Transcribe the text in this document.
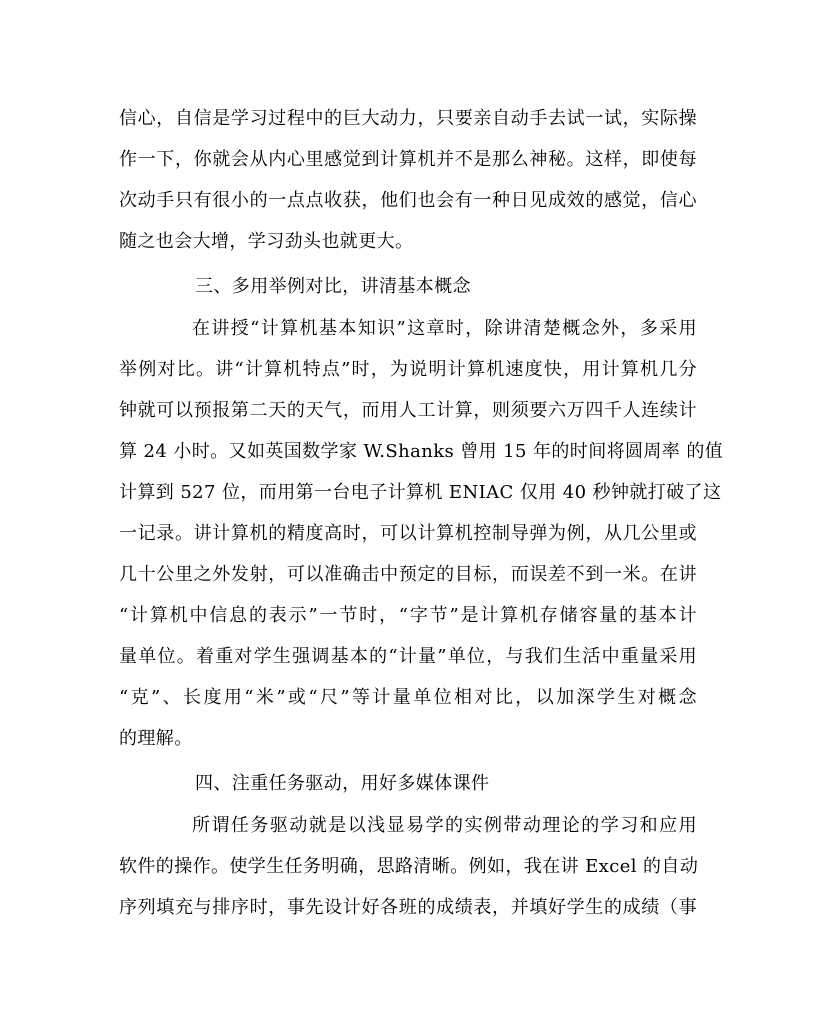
信心，自信是学习过程中的巨大动力，只要亲自动手去试一试，实际操
作一下，你就会从内心里感觉到计算机并不是那么神秘。这样，即使每
次动手只有很小的一点点收获，他们也会有一种日见成效的感觉，信心
随之也会大增，学习劲头也就更大。
三、多用举例对比，讲清基本概念
在讲授“计算机基本知识”这章时，除讲清楚概念外，多采用
举例对比。讲“计算机特点”时，为说明计算机速度快，用计算机几分
钟就可以预报第二天的天气，而用人工计算，则须要六万四千人连续计
算 24 小时。又如英国数学家 W.Shanks 曾用 15 年的时间将圆周率 的值
计算到 527 位，而用第一台电子计算机 ENIAC 仅用 40 秒钟就打破了这
一记录。讲计算机的精度高时，可以计算机控制导弹为例，从几公里或
几十公里之外发射，可以准确击中预定的目标，而误差不到一米。在讲
“计算机中信息的表示”一节时，“字节”是计算机存储容量的基本计
量单位。着重对学生强调基本的“计量”单位，与我们生活中重量采用
“克”、长度用“米”或“尺”等计量单位相对比，以加深学生对概念
的理解。
四、注重任务驱动，用好多媒体课件
所谓任务驱动就是以浅显易学的实例带动理论的学习和应用
软件的操作。使学生任务明确，思路清晰。例如，我在讲 Excel 的自动
序列填充与排序时，事先设计好各班的成绩表，并填好学生的成绩（事
